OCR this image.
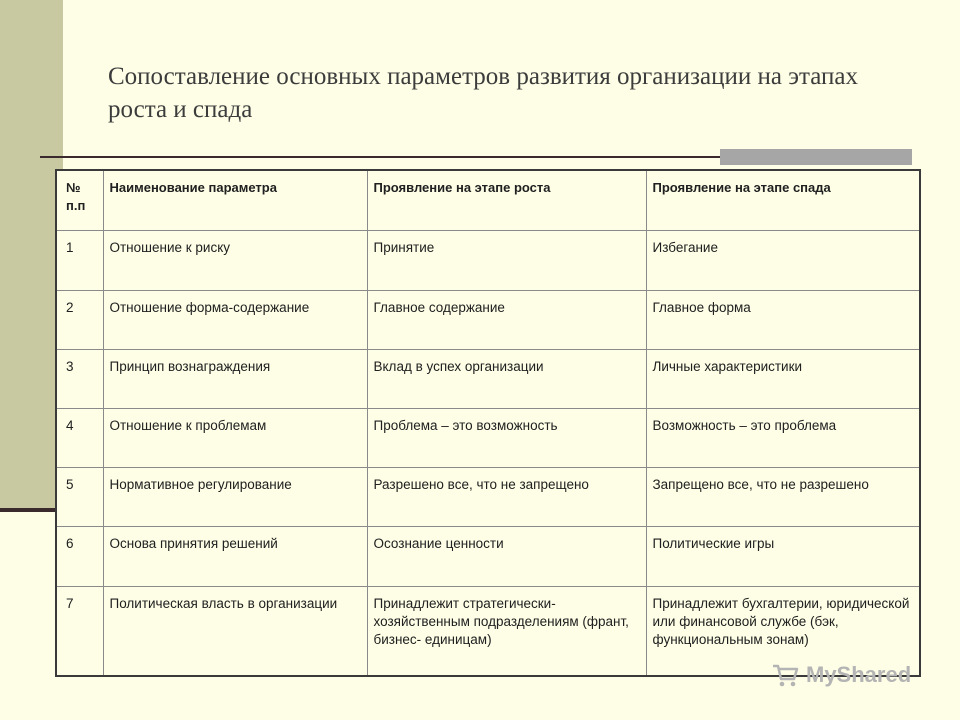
Сопоставление основных параметров развития организации на этапах роста и спада
№ п.п	Наименование параметра	Проявление на этапе роста	Проявление на этапе спада
1	Отношение к риску	Принятие	Избегание
2	Отношение форма-содержание	Главное содержание	Главное форма
3	Принцип вознаграждения	Вклад в успех организации	Личные характеристики
4	Отношение к проблемам	Проблема – это возможность	Возможность – это проблема
5	Нормативное регулирование	Разрешено все, что не запрещено	Запрещено все, что не разрешено
6	Основа принятия решений	Осознание ценности	Политические игры
7	Политическая власть в организации	Принадлежит стратегически-хозяйственным подразделениям (франт, бизнес- единицам)	Принадлежит бухгалтерии, юридической или финансовой службе (бэк, функциональным зонам)
MyShared
